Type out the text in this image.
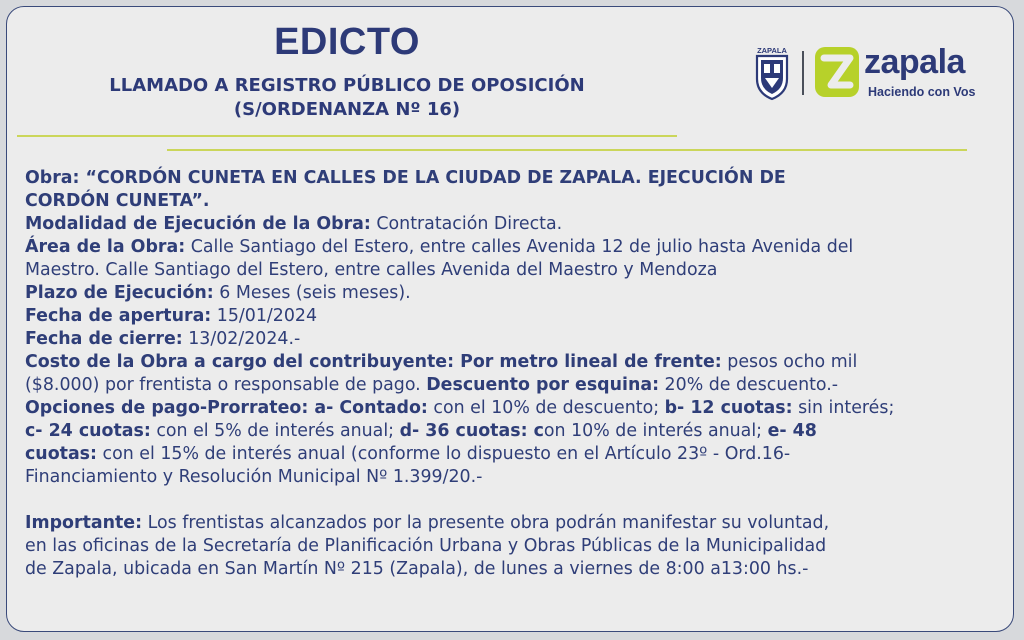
EDICTO
LLAMADO A REGISTRO PÚBLICO DE OPOSICIÓN
(S/ORDENANZA Nº 16)
ZAPALA zapala
Haciendo con Vos
Obra: “CORDÓN CUNETA EN CALLES DE LA CIUDAD DE ZAPALA. EJECUCIÓN DE
CORDÓN CUNETA”.
Modalidad de Ejecución de la Obra: Contratación Directa.
Área de la Obra: Calle Santiago del Estero, entre calles Avenida 12 de julio hasta Avenida del
Maestro. Calle Santiago del Estero, entre calles Avenida del Maestro y Mendoza
Plazo de Ejecución: 6 Meses (seis meses).
Fecha de apertura: 15/01/2024
Fecha de cierre: 13/02/2024.-
Costo de la Obra a cargo del contribuyente: Por metro lineal de frente: pesos ocho mil
($8.000) por frentista o responsable de pago. Descuento por esquina: 20% de descuento.-
Opciones de pago-Prorrateo: a- Contado: con el 10% de descuento; b- 12 cuotas: sin interés;
c- 24 cuotas: con el 5% de interés anual; d- 36 cuotas: con 10% de interés anual; e- 48
cuotas: con el 15% de interés anual (conforme lo dispuesto en el Artículo 23º - Ord.16-
Financiamiento y Resolución Municipal Nº 1.399/20.-
Importante: Los frentistas alcanzados por la presente obra podrán manifestar su voluntad,
en las oficinas de la Secretaría de Planificación Urbana y Obras Públicas de la Municipalidad
de Zapala, ubicada en San Martín Nº 215 (Zapala), de lunes a viernes de 8:00 a13:00 hs.-
